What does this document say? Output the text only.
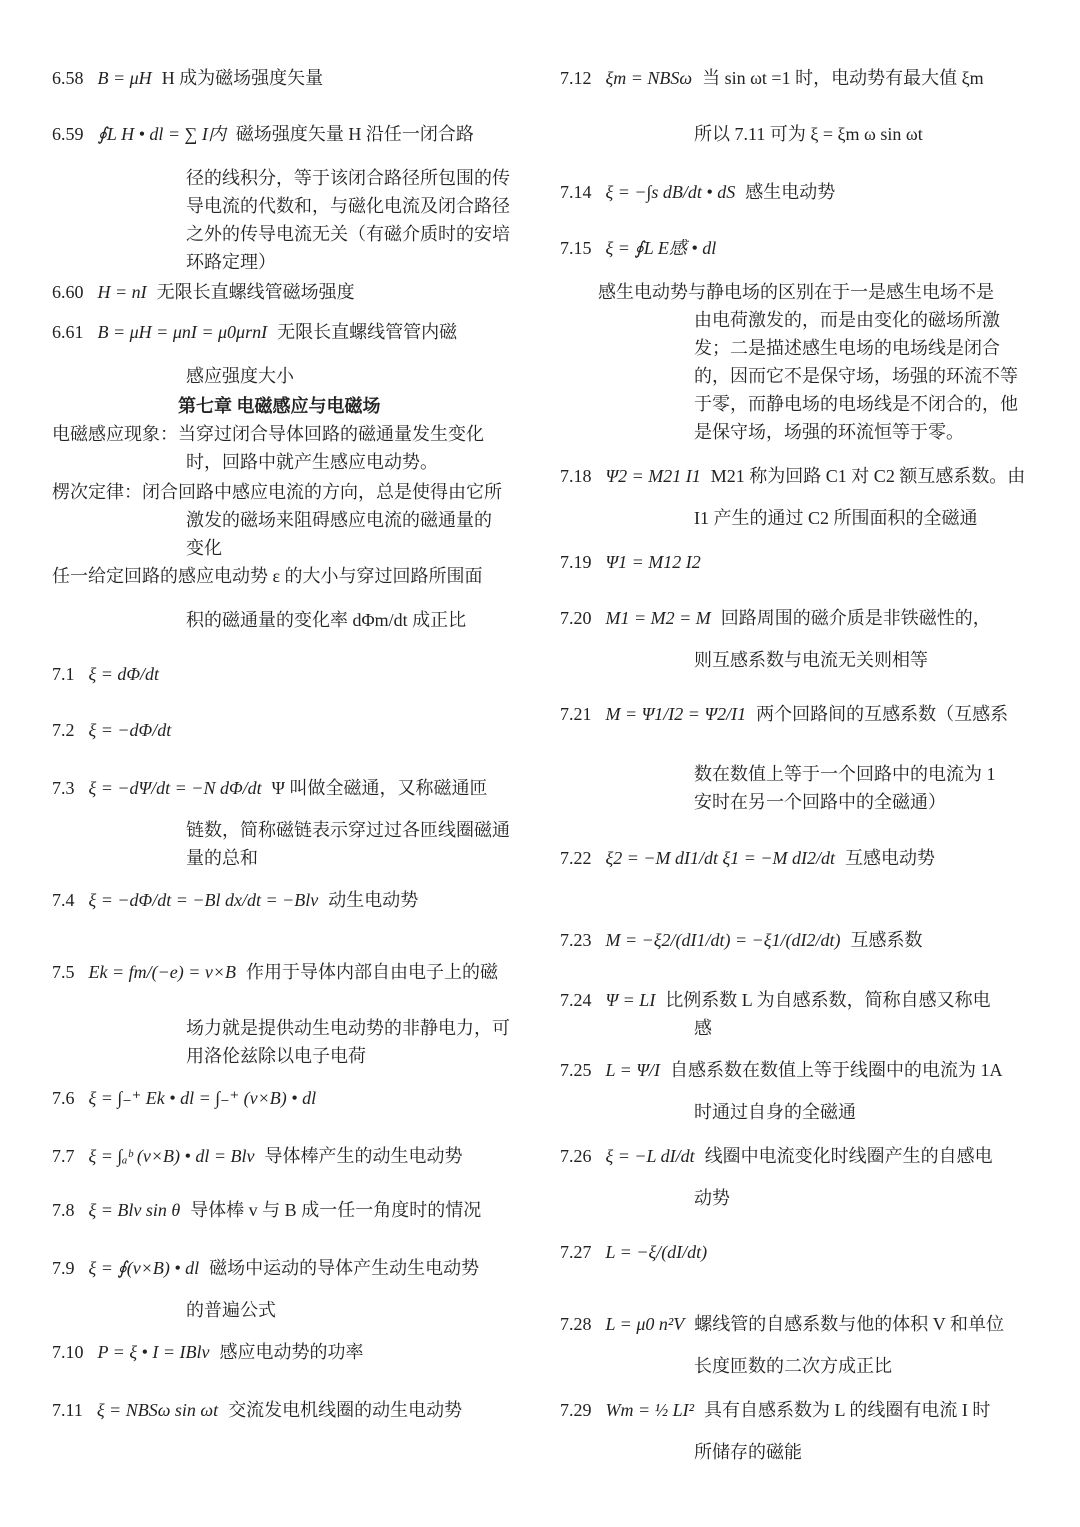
6.58 B = μH H 成为磁场强度矢量
6.59 ∮L H • dl = ∑ I内 磁场强度矢量 H 沿任一闭合路
径的线积分，等于该闭合路径所包围的传
导电流的代数和，与磁化电流及闭合路径
之外的传导电流无关（有磁介质时的安培
环路定理）
6.60 H = nI 无限长直螺线管磁场强度
6.61 B = μH = μnI = μ0μrnI 无限长直螺线管管内磁
感应强度大小
第七章 电磁感应与电磁场
电磁感应现象：当穿过闭合导体回路的磁通量发生变化
时，回路中就产生感应电动势。
楞次定律：闭合回路中感应电流的方向，总是使得由它所
激发的磁场来阻碍感应电流的磁通量的
变化
任一给定回路的感应电动势 ε 的大小与穿过回路所围面
积的磁通量的变化率 dΦm/dt 成正比
7.1 ξ = dΦ/dt
7.2 ξ = −dΦ/dt
7.3 ξ = −dΨ/dt = −N dΦ/dt Ψ 叫做全磁通，又称磁通匝
链数，简称磁链表示穿过过各匝线圈磁通
量的总和
7.4 ξ = −dΦ/dt = −Bl dx/dt = −Blv 动生电动势
7.5 Ek = fm/(−e) = v×B 作用于导体内部自由电子上的磁
场力就是提供动生电动势的非静电力，可
用洛伦兹除以电子电荷
7.6 ξ = ∫₋⁺ Ek • dl = ∫₋⁺ (v×B) • dl
7.7 ξ = ∫ₐᵇ (v×B) • dl = Blv 导体棒产生的动生电动势
7.8 ξ = Blv sin θ 导体棒 v 与 B 成一任一角度时的情况
7.9 ξ = ∮(v×B) • dl 磁场中运动的导体产生动生电动势
的普遍公式
7.10 P = ξ • I = IBlv 感应电动势的功率
7.11 ξ = NBSω sin ωt 交流发电机线圈的动生电动势
7.12 ξm = NBSω 当 sin ωt =1 时，电动势有最大值 ξm
所以 7.11 可为 ξ = ξm ω sin ωt
7.14 ξ = −∫s dB/dt • dS 感生电动势
7.15 ξ = ∮L E感 • dl
感生电动势与静电场的区别在于一是感生电场不是
由电荷激发的，而是由变化的磁场所激
发；二是描述感生电场的电场线是闭合
的，因而它不是保守场，场强的环流不等
于零，而静电场的电场线是不闭合的，他
是保守场，场强的环流恒等于零。
7.18 Ψ2 = M21 I1 M21 称为回路 C1 对 C2 额互感系数。由
I1 产生的通过 C2 所围面积的全磁通
7.19 Ψ1 = M12 I2
7.20 M1 = M2 = M 回路周围的磁介质是非铁磁性的，
则互感系数与电流无关则相等
7.21 M = Ψ1/I2 = Ψ2/I1 两个回路间的互感系数（互感系
数在数值上等于一个回路中的电流为 1
安时在另一个回路中的全磁通）
7.22 ξ2 = −M dI1/dt ξ1 = −M dI2/dt 互感电动势
7.23 M = −ξ2/(dI1/dt) = −ξ1/(dI2/dt) 互感系数
7.24 Ψ = LI 比例系数 L 为自感系数，简称自感又称电
感
7.25 L = Ψ/I 自感系数在数值上等于线圈中的电流为 1A
时通过自身的全磁通
7.26 ξ = −L dI/dt 线圈中电流变化时线圈产生的自感电
动势
7.27 L = −ξ/(dI/dt)
7.28 L = μ0 n²V 螺线管的自感系数与他的体积 V 和单位
长度匝数的二次方成正比
7.29 Wm = ½ LI² 具有自感系数为 L 的线圈有电流 I 时
所储存的磁能
